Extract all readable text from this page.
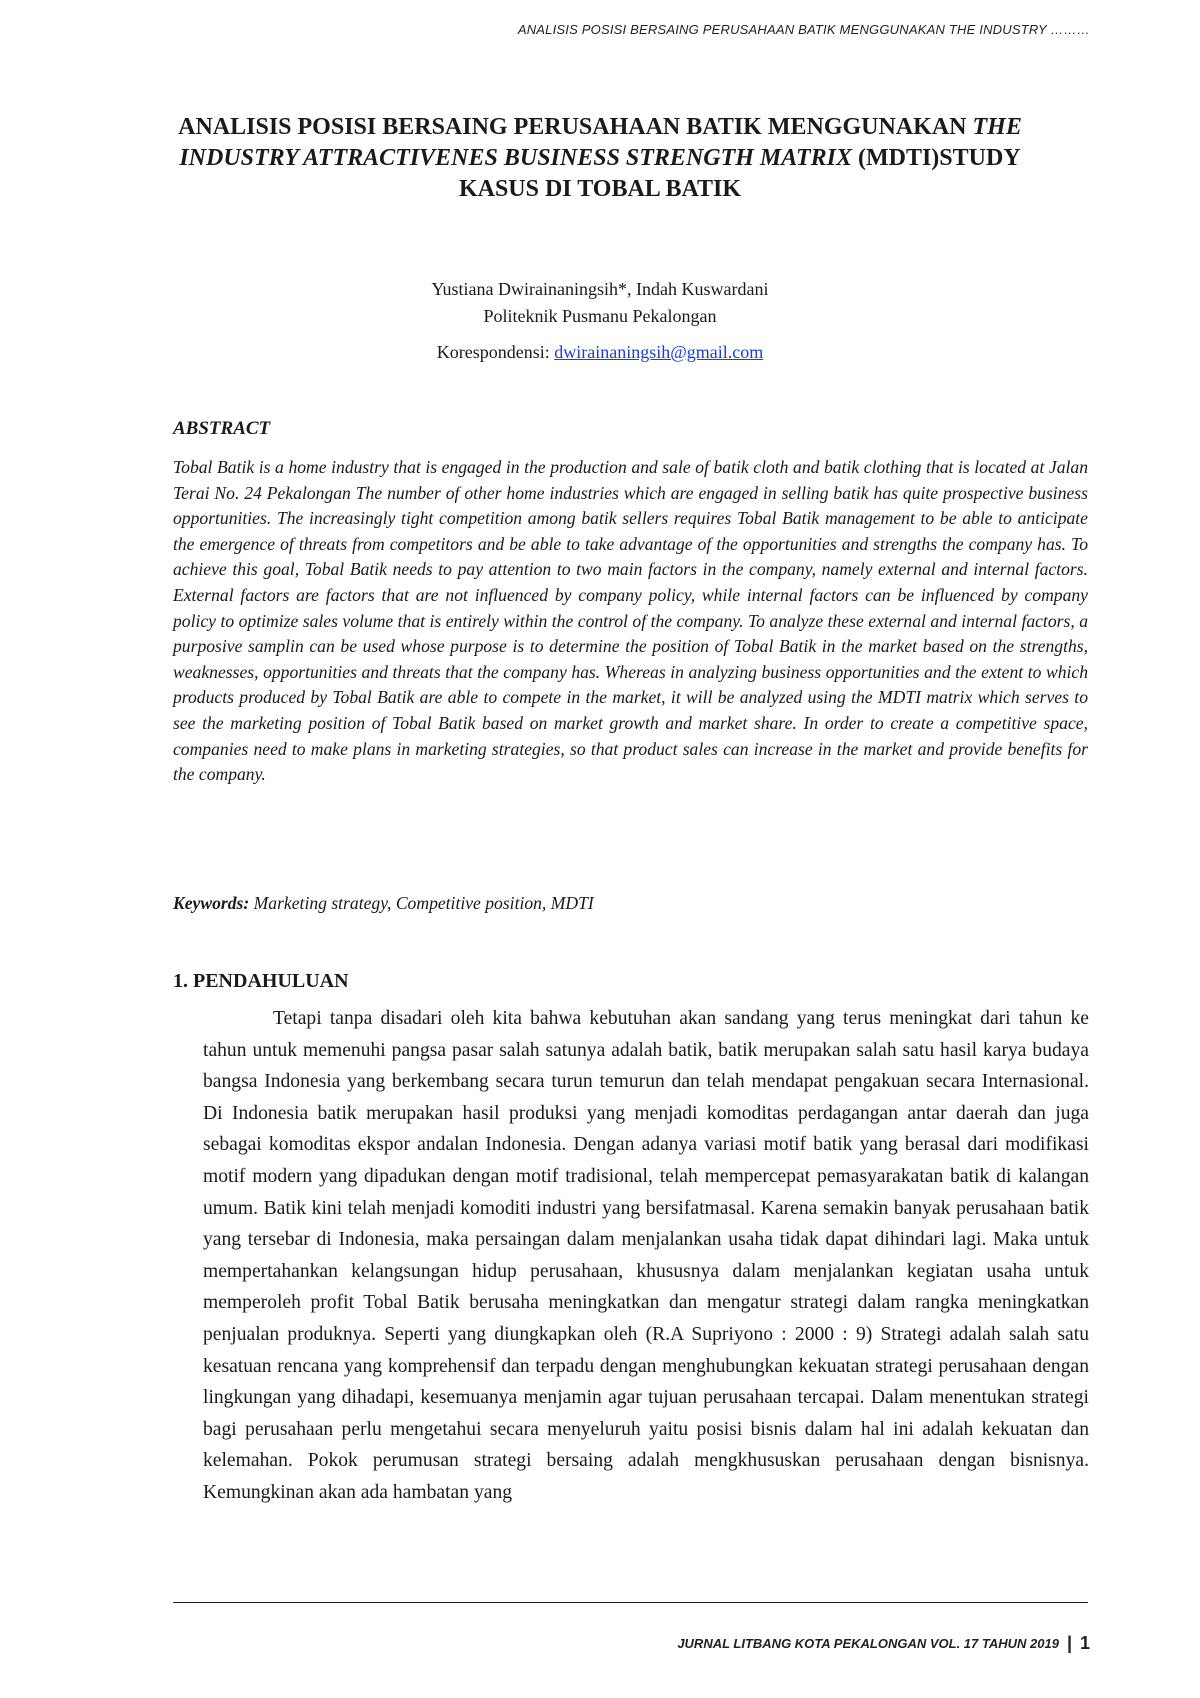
ANALISIS POSISI BERSAING PERUSAHAAN BATIK MENGGUNAKAN THE INDUSTRY ………
ANALISIS POSISI BERSAING PERUSAHAAN BATIK MENGGUNAKAN THE INDUSTRY ATTRACTIVENES BUSINESS STRENGTH MATRIX (MDTI)STUDY KASUS DI TOBAL BATIK
Yustiana Dwirainaningsih*, Indah Kuswardani
Politeknik Pusmanu Pekalongan
Korespondensi: dwirainaningsih@gmail.com
ABSTRACT

Tobal Batik is a home industry that is engaged in the production and sale of batik cloth and batik clothing that is located at Jalan Terai No. 24 Pekalongan The number of other home industries which are engaged in selling batik has quite prospective business opportunities. The increasingly tight competition among batik sellers requires Tobal Batik management to be able to anticipate the emergence of threats from competitors and be able to take advantage of the opportunities and strengths the company has. To achieve this goal, Tobal Batik needs to pay attention to two main factors in the company, namely external and internal factors. External factors are factors that are not influenced by company policy, while internal factors can be influenced by company policy to optimize sales volume that is entirely within the control of the company. To analyze these external and internal factors, a purposive samplin can be used whose purpose is to determine the position of Tobal Batik in the market based on the strengths, weaknesses, opportunities and threats that the company has. Whereas in analyzing business opportunities and the extent to which products produced by Tobal Batik are able to compete in the market, it will be analyzed using the MDTI matrix which serves to see the marketing position of Tobal Batik based on market growth and market share. In order to create a competitive space, companies need to make plans in marketing strategies, so that product sales can increase in the market and provide benefits for the company.

Keywords: Marketing strategy, Competitive position, MDTI
1. PENDAHULUAN

Tetapi tanpa disadari oleh kita bahwa kebutuhan akan sandang yang terus meningkat dari tahun ke tahun untuk memenuhi pangsa pasar salah satunya adalah batik, batik merupakan salah satu hasil karya budaya bangsa Indonesia yang berkembang secara turun temurun dan telah mendapat pengakuan secara Internasional. Di Indonesia batik merupakan hasil produksi yang menjadi komoditas perdagangan antar daerah dan juga sebagai komoditas ekspor andalan Indonesia. Dengan adanya variasi motif batik yang berasal dari modifikasi motif modern yang dipadukan dengan motif tradisional, telah mempercepat pemasyarakatan batik di kalangan umum. Batik kini telah menjadi komoditi industri yang bersifatmasal. Karena semakin banyak perusahaan batik yang tersebar di Indonesia, maka persaingan dalam menjalankan usaha tidak dapat dihindari lagi. Maka untuk mempertahankan kelangsungan hidup perusahaan, khususnya dalam menjalankan kegiatan usaha untuk memperoleh profit Tobal Batik berusaha meningkatkan dan mengatur strategi dalam rangka meningkatkan penjualan produknya. Seperti yang diungkapkan oleh (R.A Supriyono : 2000 : 9) Strategi adalah salah satu kesatuan rencana yang komprehensif dan terpadu dengan menghubungkan kekuatan strategi perusahaan dengan lingkungan yang dihadapi, kesemuanya menjamin agar tujuan perusahaan tercapai. Dalam menentukan strategi bagi perusahaan perlu mengetahui secara menyeluruh yaitu posisi bisnis dalam hal ini adalah kekuatan dan kelemahan. Pokok perumusan strategi bersaing adalah mengkhususkan perusahaan dengan bisnisnya. Kemungkinan akan ada hambatan yang

JURNAL LITBANG KOTA PEKALONGAN VOL. 17 TAHUN 2019 | 1
